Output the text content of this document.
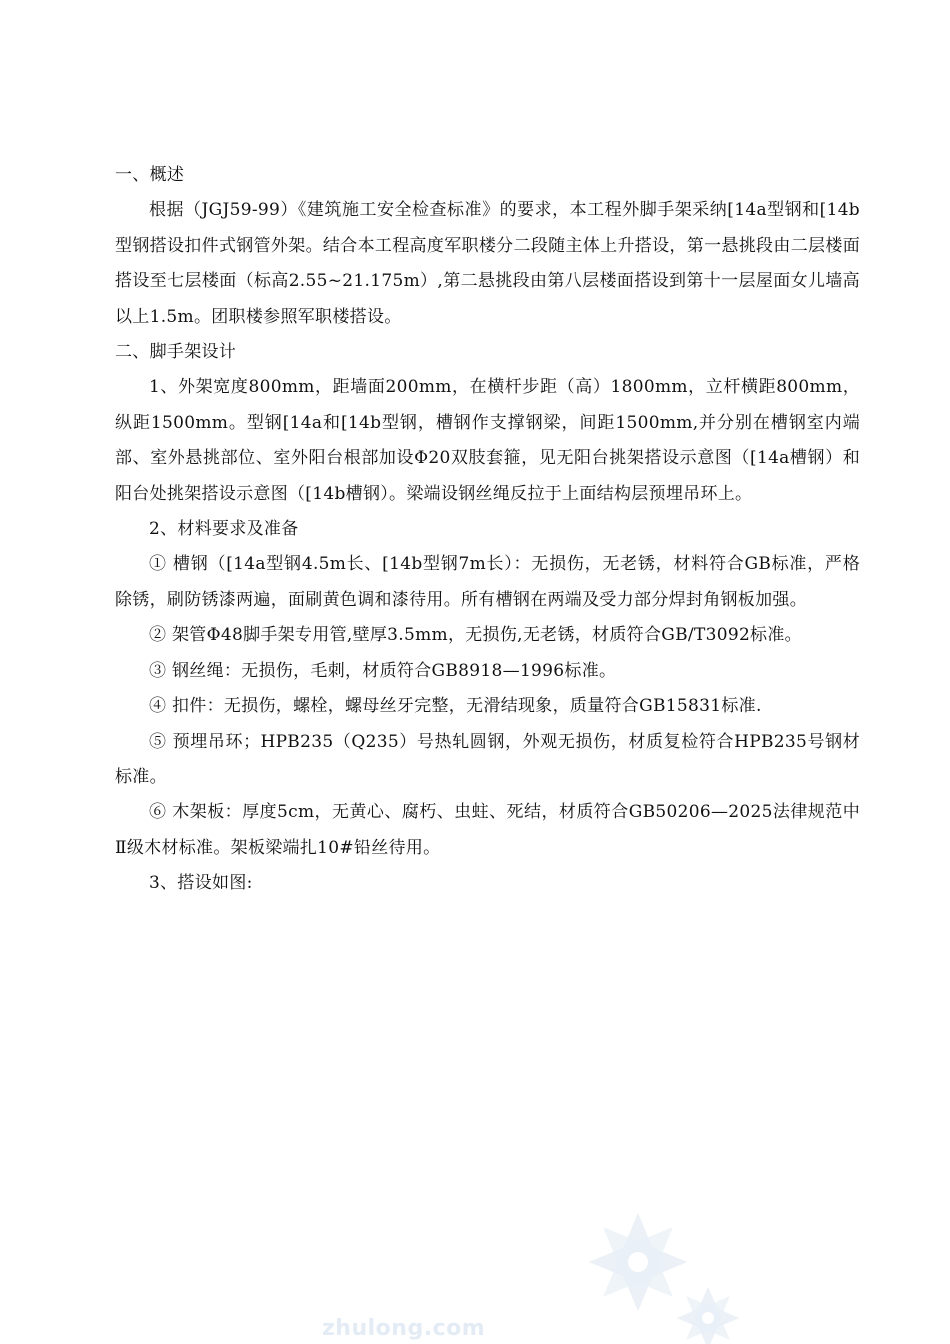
一、概述

根据（JGJ59-99）《建筑施工安全检查标准》的要求，本工程外脚手架采纳[14a型钢和[14b型钢搭设扣件式钢管外架。结合本工程高度军职楼分二段随主体上升搭设，第一悬挑段由二层楼面搭设至七层楼面（标高2.55~21.175m）,第二悬挑段由第八层楼面搭设到第十一层屋面女儿墙高以上1.5m。团职楼参照军职楼搭设。

二、脚手架设计

1、外架宽度800mm，距墙面200mm，在横杆步距（高）1800mm，立杆横距800mm，纵距1500mm。型钢[14a和[14b型钢，槽钢作支撑钢梁，间距1500mm,并分别在槽钢室内端部、室外悬挑部位、室外阳台根部加设Φ20双肢套箍，见无阳台挑架搭设示意图（[14a槽钢）和阳台处挑架搭设示意图（[14b槽钢）。梁端设钢丝绳反拉于上面结构层预埋吊环上。

2、材料要求及准备

① 槽钢（[14a型钢4.5m长、[14b型钢7m长）：无损伤，无老锈，材料符合GB标准，严格除锈，刷防锈漆两遍，面刷黄色调和漆待用。所有槽钢在两端及受力部分焊封角钢板加强。

② 架管Φ48脚手架专用管,壁厚3.5mm，无损伤,无老锈，材质符合GB/T3092标准。

③ 钢丝绳：无损伤，毛刺，材质符合GB8918—1996标准。

④ 扣件：无损伤，螺栓，螺母丝牙完整，无滑结现象，质量符合GB15831标准.

⑤ 预埋吊环；HPB235（Q235）号热轧圆钢，外观无损伤，材质复检符合HPB235号钢材标准。

⑥ 木架板：厚度5cm，无黄心、腐朽、虫蛀、死结，材质符合GB50206—2025法律规范中Ⅱ级木材标准。架板梁端扎10#铅丝待用。

3、搭设如图:

zhulong.com
